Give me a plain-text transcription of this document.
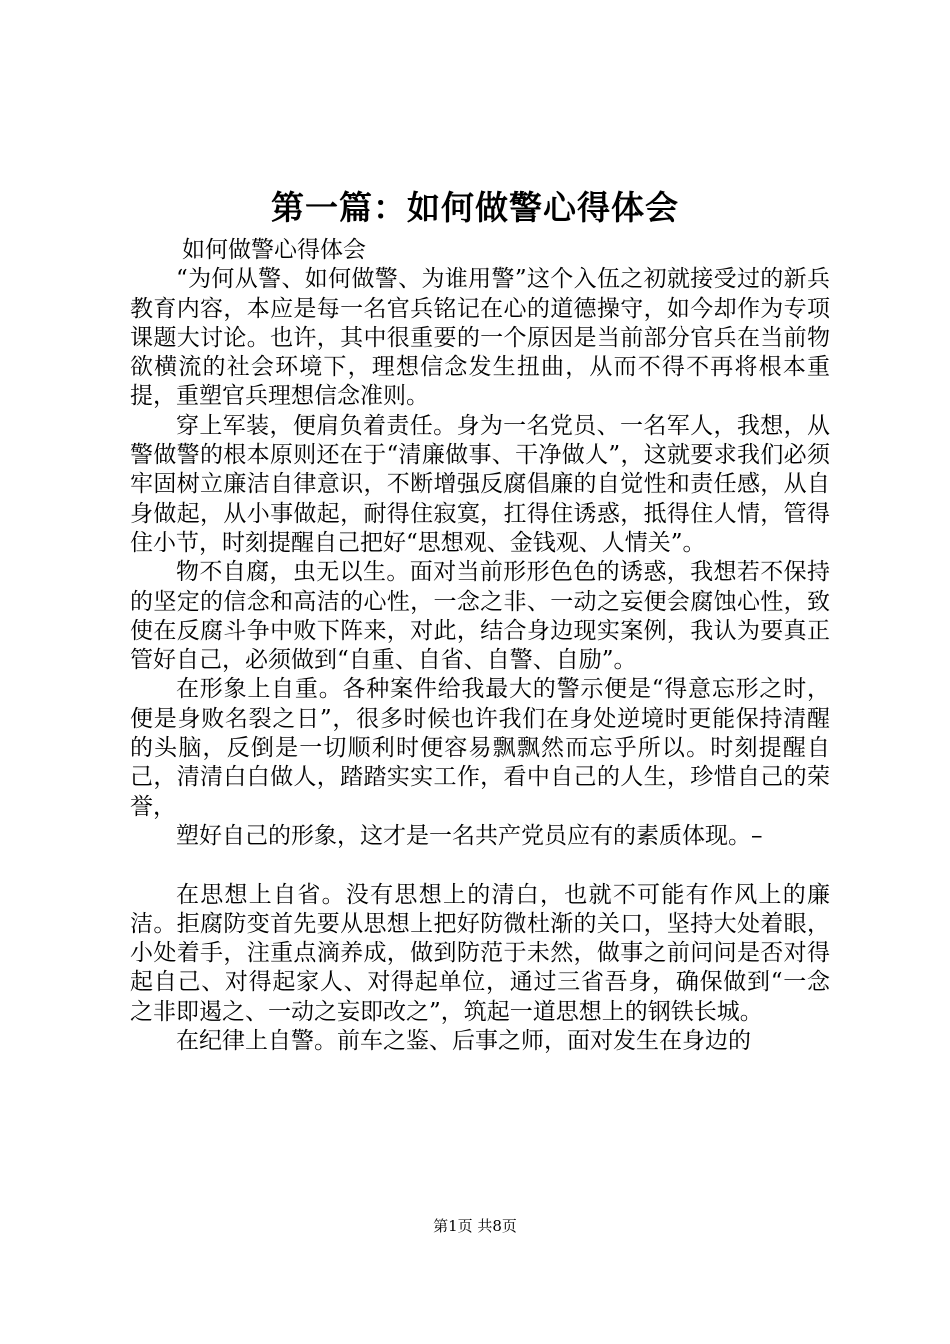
第一篇：如何做警心得体会
如何做警心得体会

“为何从警、如何做警、为谁用警”这个入伍之初就接受过的新兵教育内容，本应是每一名官兵铭记在心的道德操守，如今却作为专项课题大讨论。也许，其中很重要的一个原因是当前部分官兵在当前物欲横流的社会环境下，理想信念发生扭曲，从而不得不再将根本重提，重塑官兵理想信念准则。

穿上军装，便肩负着责任。身为一名党员、一名军人，我想，从警做警的根本原则还在于“清廉做事、干净做人”，这就要求我们必须牢固树立廉洁自律意识，不断增强反腐倡廉的自觉性和责任感，从自身做起，从小事做起，耐得住寂寞，扛得住诱惑，抵得住人情，管得住小节，时刻提醒自己把好“思想观、金钱观、人情关”。

物不自腐，虫无以生。面对当前形形色色的诱惑，我想若不保持的坚定的信念和高洁的心性，一念之非、一动之妄便会腐蚀心性，致使在反腐斗争中败下阵来，对此，结合身边现实案例，我认为要真正管好自己，必须做到“自重、自省、自警、自励”。

在形象上自重。各种案件给我最大的警示便是“得意忘形之时，便是身败名裂之日”，很多时候也许我们在身处逆境时更能保持清醒的头脑，反倒是一切顺利时便容易飘飘然而忘乎所以。时刻提醒自己，清清白白做人，踏踏实实工作，看中自己的人生，珍惜自己的荣誉，

塑好自己的形象，这才是一名共产党员应有的素质体现。–

在思想上自省。没有思想上的清白，也就不可能有作风上的廉洁。拒腐防变首先要从思想上把好防微杜渐的关口，坚持大处着眼，小处着手，注重点滴养成，做到防范于未然，做事之前问问是否对得起自己、对得起家人、对得起单位，通过三省吾身，确保做到“一念之非即遏之、一动之妄即改之”，筑起一道思想上的钢铁长城。

在纪律上自警。前车之鉴、后事之师，面对发生在身边的

第1页 共8页
